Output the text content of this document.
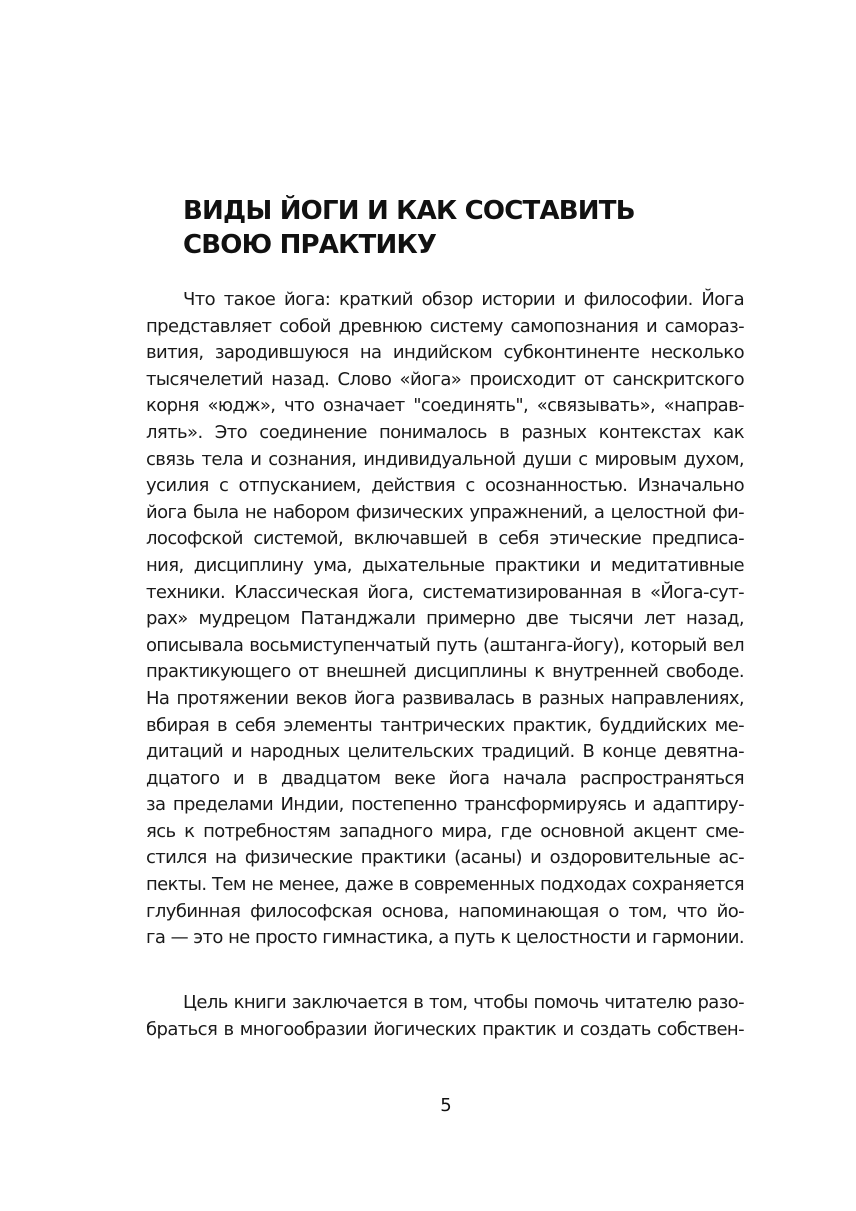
ВИДЫ ЙОГИ И КАК СОСТАВИТЬ
СВОЮ ПРАКТИКУ
Что такое йога: краткий обзор истории и философии. Йога
представляет собой древнюю систему самопознания и самораз-
вития, зародившуюся на индийском субконтиненте несколько
тысячелетий назад. Слово «йога» происходит от санскритского
корня «юдж», что означает "соединять", «связывать», «направ-
лять». Это соединение понималось в разных контекстах как
связь тела и сознания, индивидуальной души с мировым духом,
усилия с отпусканием, действия с осознанностью. Изначально
йога была не набором физических упражнений, а целостной фи-
лософской системой, включавшей в себя этические предписа-
ния, дисциплину ума, дыхательные практики и медитативные
техники. Классическая йога, систематизированная в «Йога-сут-
рах» мудрецом Патанджали примерно две тысячи лет назад,
описывала восьмиступенчатый путь (аштанга-йогу), который вел
практикующего от внешней дисциплины к внутренней свободе.
На протяжении веков йога развивалась в разных направлениях,
вбирая в себя элементы тантрических практик, буддийских ме-
дитаций и народных целительских традиций. В конце девятна-
дцатого и в двадцатом веке йога начала распространяться
за пределами Индии, постепенно трансформируясь и адаптиру-
ясь к потребностям западного мира, где основной акцент сме-
стился на физические практики (асаны) и оздоровительные ас-
пекты. Тем не менее, даже в современных подходах сохраняется
глубинная философская основа, напоминающая о том, что йо-
га — это не просто гимнастика, а путь к целостности и гармонии.
Цель книги заключается в том, чтобы помочь читателю разо-
браться в многообразии йогических практик и создать собствен-
5
